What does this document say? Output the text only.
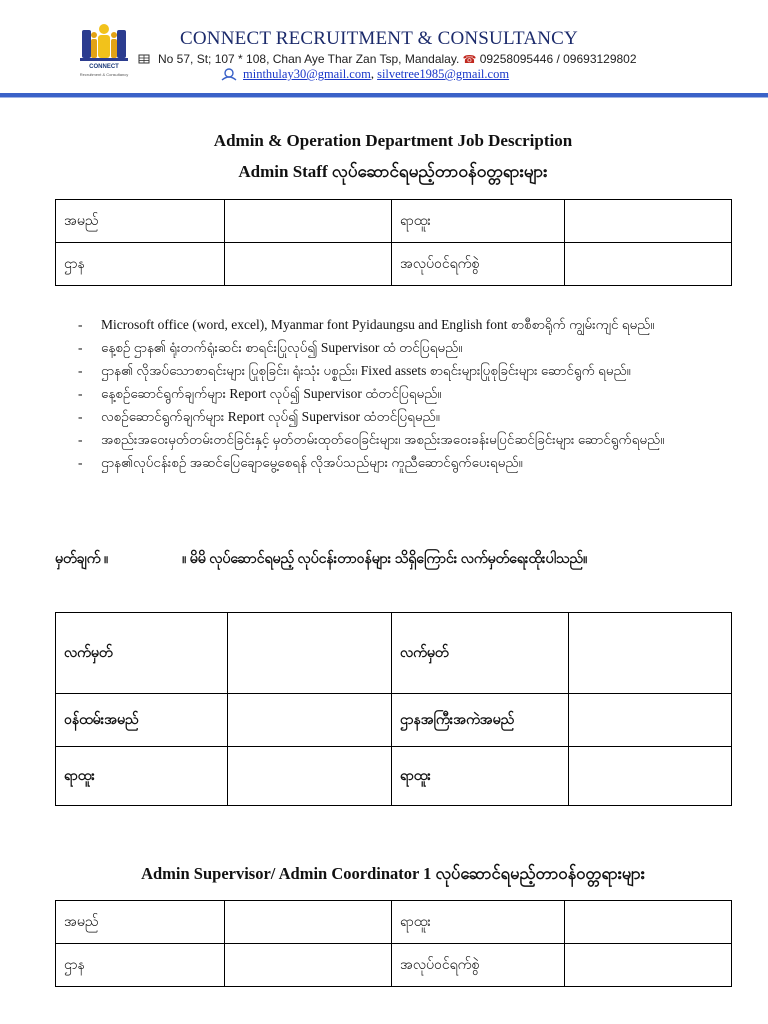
CONNECT
Recruitment & Consultancy
CONNECT RECRUITMENT & CONSULTANCY
No 57, St; 107 * 108, Chan Aye Thar Zan Tsp, Mandalay. ☎ 09258095446 / 09693129802
minthulay30@gmail.com, silvetree1985@gmail.com
Admin & Operation Department Job Description
Admin Staff လုပ်ဆောင်ရမည့်တာဝန်ဝတ္တရားများ
အမည်		ရာထူး	
ဌာန		အလုပ်ဝင်ရက်စွဲ	
- Microsoft office (word, excel), Myanmar font Pyidaungsu and English font စာစီစာရိုက် ကျွမ်းကျင် ရမည်။
- နေ့စဉ် ဌာန၏ ရုံးတက်ရုံးဆင်း စာရင်းပြုလုပ်၍ Supervisor ထံ တင်ပြရမည်။
- ဌာန၏ လိုအပ်သောစာရင်းများ ပြုစုခြင်း၊ ရုံးသုံး ပစ္စည်း၊ Fixed assets စာရင်းများပြုစုခြင်းများ ဆောင်ရွက် ရမည်။
- နေ့စဉ်ဆောင်ရွက်ချက်များ Report လုပ်၍ Supervisor ထံတင်ပြရမည်။
- လစဉ်ဆောင်ရွက်ချက်များ Report လုပ်၍ Supervisor ထံတင်ပြရမည်။
- အစည်းအဝေးမှတ်တမ်းတင်ခြင်းနှင့် မှတ်တမ်းထုတ်ဝေခြင်းများ၊ အစည်းအဝေးခန်းမပြင်ဆင်ခြင်းများ ဆောင်ရွက်ရမည်။
- ဌာန၏လုပ်ငန်းစဉ် အဆင်ပြေချောမွေ့စေရန် လိုအပ်သည်များ ကူညီဆောင်ရွက်ပေးရမည်။
မှတ်ချက် ။	။ မိမိ လုပ်ဆောင်ရမည့် လုပ်ငန်းတာဝန်များ သိရှိကြောင်း လက်မှတ်ရေးထိုးပါသည်။
လက်မှတ်		လက်မှတ်	
ဝန်ထမ်းအမည်		ဌာနအကြီးအကဲအမည်	
ရာထူး		ရာထူး	
Admin Supervisor/ Admin Coordinator 1 လုပ်ဆောင်ရမည့်တာဝန်ဝတ္တရားများ
အမည်		ရာထူး	
ဌာန		အလုပ်ဝင်ရက်စွဲ	
